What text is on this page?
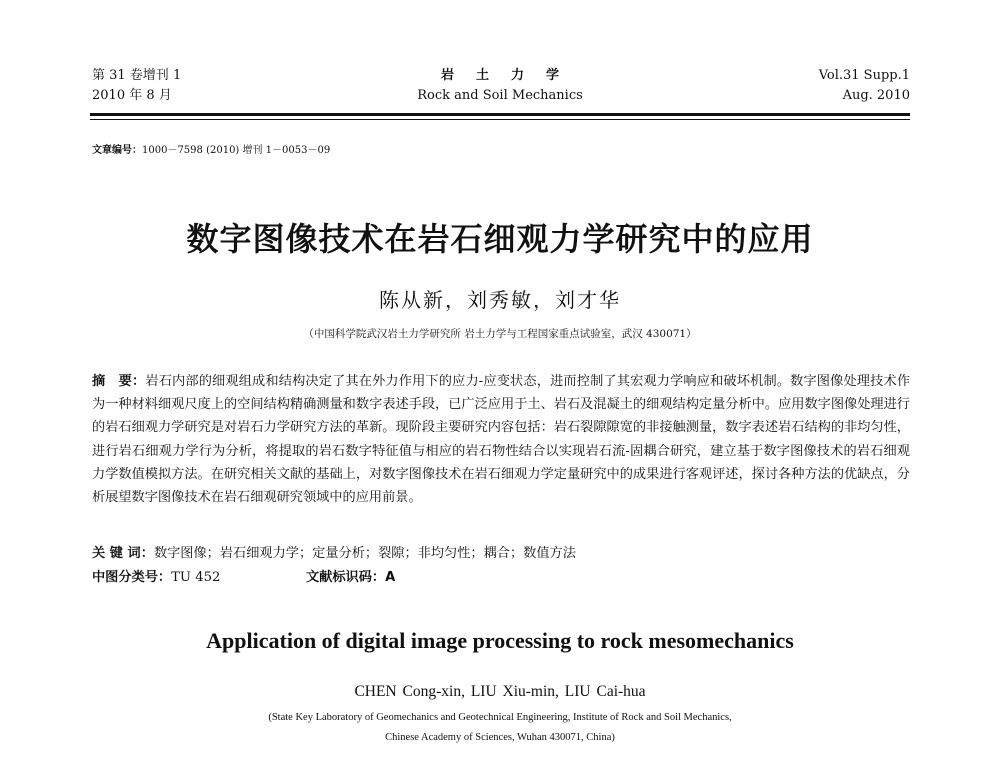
第 31 卷增刊 1
2010 年 8 月
岩土力学
Rock and Soil Mechanics
Vol.31 Supp.1
Aug. 2010
文章编号：1000－7598 (2010) 增刊 1－0053－09
数字图像技术在岩石细观力学研究中的应用
陈从新，刘秀敏，刘才华
（中国科学院武汉岩土力学研究所 岩土力学与工程国家重点试验室，武汉 430071）
摘　要：岩石内部的细观组成和结构决定了其在外力作用下的应力-应变状态，进而控制了其宏观力学响应和破坏机制。数字图像处理技术作为一种材料细观尺度上的空间结构精确测量和数字表述手段，已广泛应用于土、岩石及混凝土的细观结构定量分析中。应用数字图像处理进行的岩石细观力学研究是对岩石力学研究方法的革新。现阶段主要研究内容包括：岩石裂隙隙宽的非接触测量，数字表述岩石结构的非均匀性，进行岩石细观力学行为分析，将提取的岩石数字特征值与相应的岩石物性结合以实现岩石流-固耦合研究，建立基于数字图像技术的岩石细观力学数值模拟方法。在研究相关文献的基础上，对数字图像技术在岩石细观力学定量研究中的成果进行客观评述，探讨各种方法的优缺点，分析展望数字图像技术在岩石细观研究领域中的应用前景。
关 键 词：数字图像；岩石细观力学；定量分析；裂隙；非均匀性；耦合；数值方法
中图分类号：TU 452	文献标识码：A
Application of digital image processing to rock mesomechanics
CHEN Cong-xin, LIU Xiu-min, LIU Cai-hua
(State Key Laboratory of Geomechanics and Geotechnical Engineering, Institute of Rock and Soil Mechanics,
Chinese Academy of Sciences, Wuhan 430071, China)
